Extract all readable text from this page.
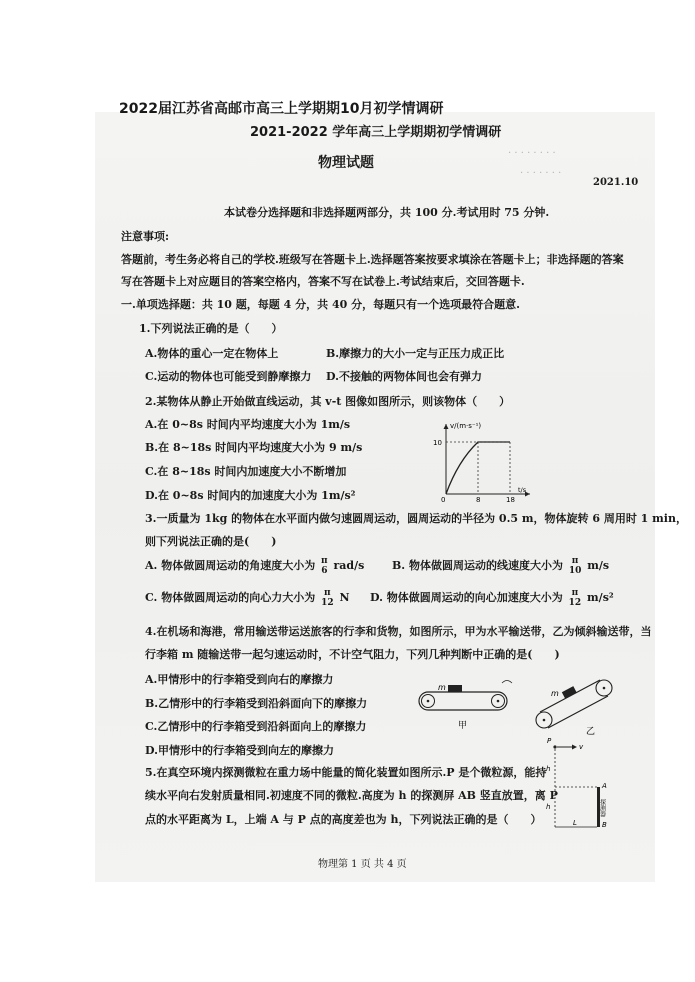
· · · · · · · ·
· · · · · · ·
2022届江苏省高邮市高三上学期期10月初学情调研
2021-2022 学年高三上学期期初学情调研
物理试题
2021.10
本试卷分选择题和非选择题两部分，共 100 分.考试用时 75 分钟.
注意事项:
答题前，考生务必将自己的学校.班级写在答题卡上.选择题答案按要求填涂在答题卡上；非选择题的答案
写在答题卡上对应题目的答案空格内，答案不写在试卷上.考试结束后，交回答题卡.
一.单项选择题：共 10 题，每题 4 分，共 40 分，每题只有一个选项最符合题意.
1.下列说法正确的是（　　）
A.物体的重心一定在物体上	B.摩擦力的大小一定与正压力成正比
C.运动的物体也可能受到静摩擦力 D.不接触的两物体间也会有弹力
2.某物体从静止开始做直线运动，其 v-t 图像如图所示，则该物体（　　）
A.在 0~8s 时间内平均速度大小为 1m/s
B.在 8~18s 时间内平均速度大小为 9 m/s
C.在 8~18s 时间内加速度大小不断增加
D.在 0~8s 时间内的加速度大小为 1m/s²
v/(m·s⁻¹)
10
0	8	18
t/s
3.一质量为 1kg 的物体在水平面内做匀速圆周运动，圆周运动的半径为 0.5 m，物体旋转 6 周用时 1 min，
则下列说法正确的是(　　)
A. 物体做圆周运动的角速度大小为 π
6 rad/s	B. 物体做圆周运动的线速度大小为 π
10 m/s
C. 物体做圆周运动的向心力大小为 π
12 N D. 物体做圆周运动的向心加速度大小为 π
12 m/s²
4.在机场和海港，常用输送带运送旅客的行李和货物，如图所示，甲为水平输送带，乙为倾斜输送带，当
行李箱 m 随输送带一起匀速运动时，不计空气阻力，下列几种判断中正确的是(　　)
A.甲情形中的行李箱受到向右的摩擦力
B.乙情形中的行李箱受到沿斜面向下的摩擦力
C.乙情形中的行李箱受到沿斜面向上的摩擦力
D.甲情形中的行李箱受到向左的摩擦力
m
甲
m
乙
5.在真空环境内探测微粒在重力场中能量的简化装置如图所示.P 是个微粒源，能持
续水平向右发射质量相同.初速度不同的微粒.高度为 h 的探测屏 AB 竖直放置，离 P
点的水平距离为 L，上端 A 与 P 点的高度差也为 h，下列说法正确的是（　　）
P
v
h
h
A
B
L
探测器
物理第 1 页 共 4 页
